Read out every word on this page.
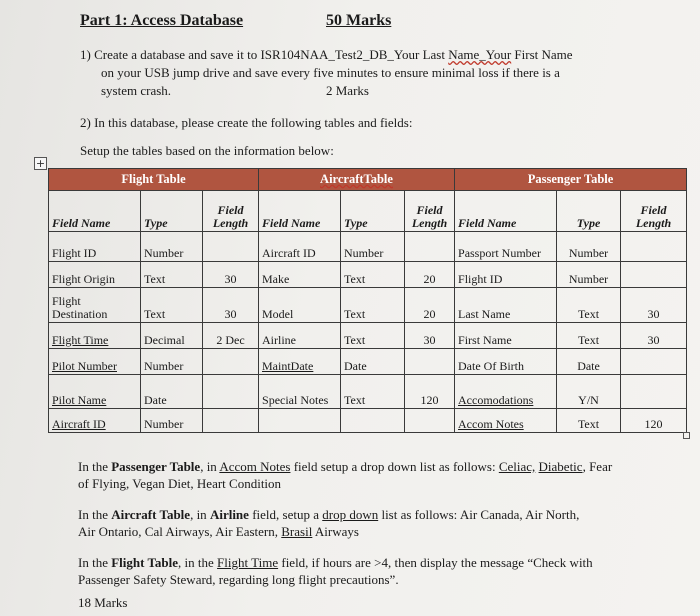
Part 1: Access Database	50 Marks
1) Create a database and save it to ISR104NAA_Test2_DB_Your Last Name_Your First Name
on your USB jump drive and save every five minutes to ensure minimal loss if there is a
system crash.	2 Marks
2) In this database, please create the following tables and fields:
Setup the tables based on the information below:
+
Flight Table			AircraftTable			Passenger Table		
Field Name	Type	Field Length	Field Name	Type	Field Length	Field Name	Type	Field Length
Flight ID	Number		Aircraft ID	Number		Passport Number	Number	
Flight Origin	Text	30	Make	Text	20	Flight ID	Number	
Flight Destination	Text	30	Model	Text	20	Last Name	Text	30
Flight Time	Decimal	2 Dec	Airline	Text	30	First Name	Text	30
Pilot Number	Number		MaintDate	Date		Date Of Birth	Date	
Pilot Name	Date		Special Notes	Text	120	Accomodations	Y/N	
Aircraft ID	Number					Accom Notes	Text	120
In the Passenger Table, in Accom Notes field setup a drop down list as follows: Celiac, Diabetic, Fear of Flying, Vegan Diet, Heart Condition
In the Aircraft Table, in Airline field, setup a drop down list as follows: Air Canada, Air North, Air Ontario, Cal Airways, Air Eastern, Brasil Airways
In the Flight Table, in the Flight Time field, if hours are >4, then display the message “Check with Passenger Safety Steward, regarding long flight precautions”.
18 Marks
